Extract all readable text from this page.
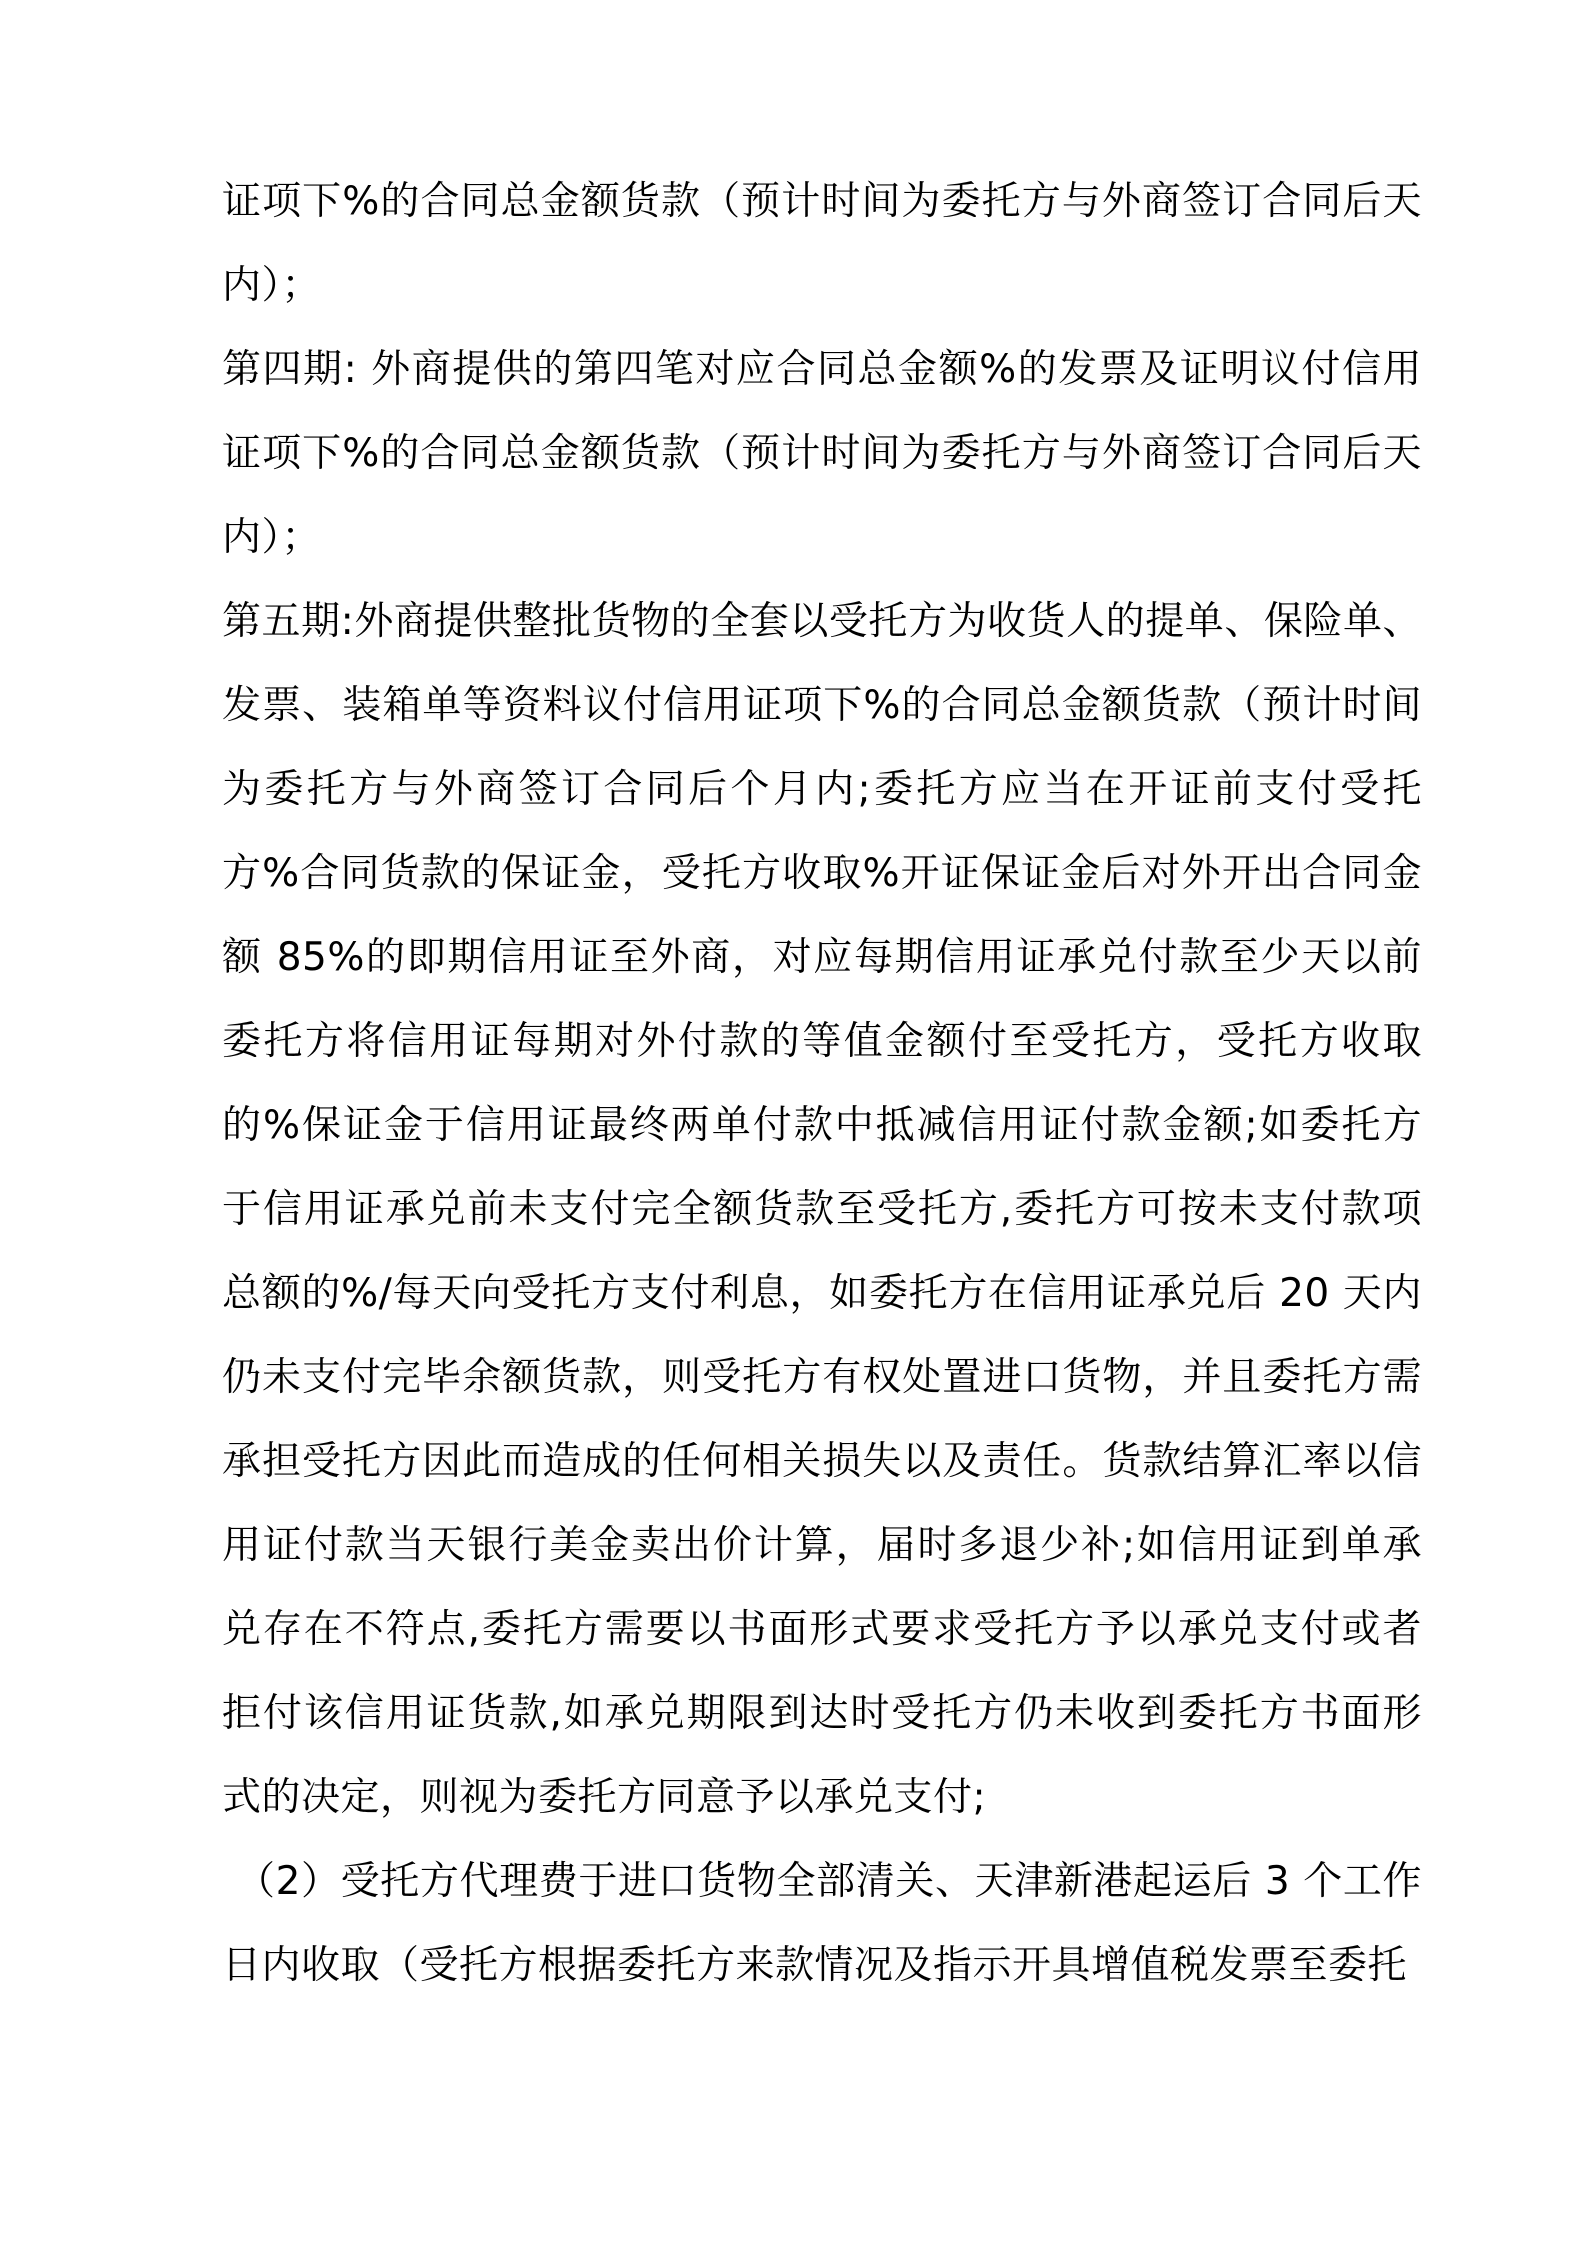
证项下%的合同总金额货款（预计时间为委托方与外商签订合同后天
内）；
第四期: 外商提供的第四笔对应合同总金额%的发票及证明议付信用
证项下%的合同总金额货款（预计时间为委托方与外商签订合同后天
内）；
第五期:外商提供整批货物的全套以受托方为收货人的提单、保险单、
发票、装箱单等资料议付信用证项下%的合同总金额货款（预计时间
为委托方与外商签订合同后个月内;委托方应当在开证前支付受托
方%合同货款的保证金，受托方收取%开证保证金后对外开出合同金
额 85%的即期信用证至外商，对应每期信用证承兑付款至少天以前
委托方将信用证每期对外付款的等值金额付至受托方，受托方收取
的%保证金于信用证最终两单付款中抵减信用证付款金额;如委托方
于信用证承兑前未支付完全额货款至受托方,委托方可按未支付款项
总额的%/每天向受托方支付利息，如委托方在信用证承兑后 20 天内
仍未支付完毕余额货款，则受托方有权处置进口货物，并且委托方需
承担受托方因此而造成的任何相关损失以及责任。货款结算汇率以信
用证付款当天银行美金卖出价计算，届时多退少补;如信用证到单承
兑存在不符点,委托方需要以书面形式要求受托方予以承兑支付或者
拒付该信用证货款,如承兑期限到达时受托方仍未收到委托方书面形
式的决定，则视为委托方同意予以承兑支付;
（2）受托方代理费于进口货物全部清关、天津新港起运后 3 个工作
日内收取（受托方根据委托方来款情况及指示开具增值税发票至委托
